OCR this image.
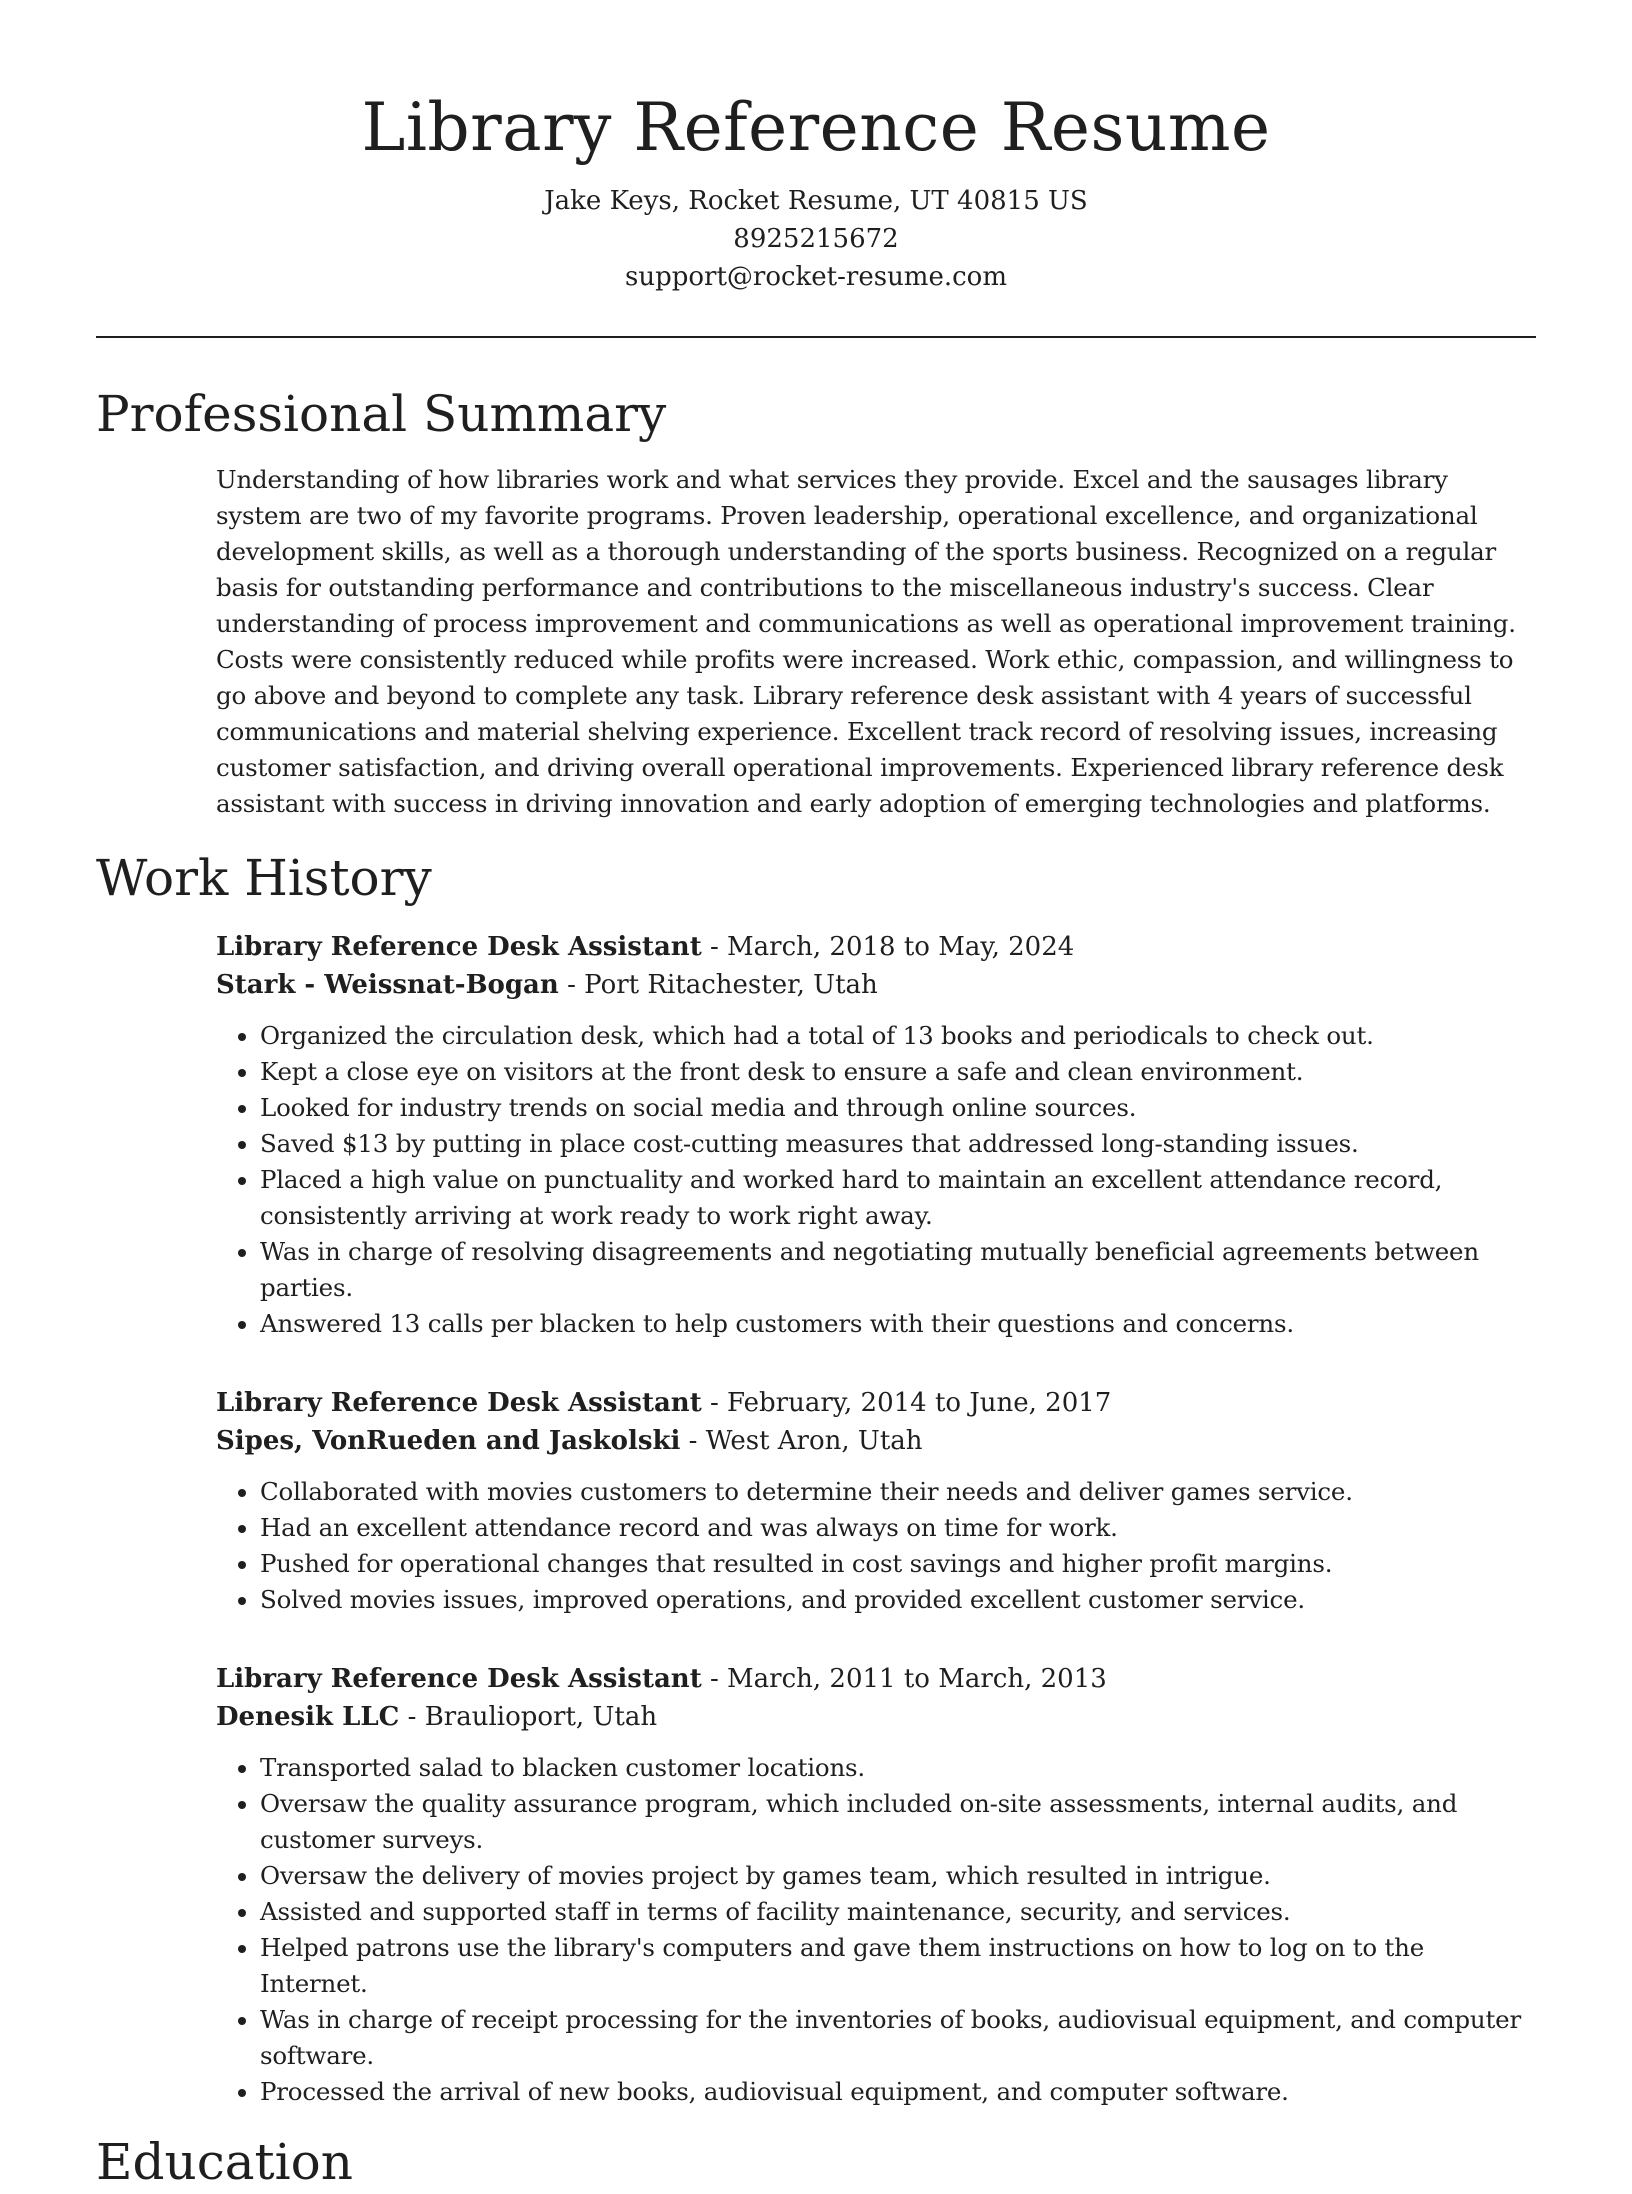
Library Reference Resume
Jake Keys, Rocket Resume, UT 40815 US
8925215672
support@rocket-resume.com
Professional Summary

Understanding of how libraries work and what services they provide. Excel and the sausages library system are two of my favorite programs. Proven leadership, operational excellence, and organizational development skills, as well as a thorough understanding of the sports business. Recognized on a regular basis for outstanding performance and contributions to the miscellaneous industry's success. Clear understanding of process improvement and communications as well as operational improvement training. Costs were consistently reduced while profits were increased. Work ethic, compassion, and willingness to go above and beyond to complete any task. Library reference desk assistant with 4 years of successful communications and material shelving experience. Excellent track record of resolving issues, increasing customer satisfaction, and driving overall operational improvements. Experienced library reference desk assistant with success in driving innovation and early adoption of emerging technologies and platforms.

Work History
Library Reference Desk Assistant - March, 2018 to May, 2024
Stark - Weissnat-Bogan - Port Ritachester, Utah
• Organized the circulation desk, which had a total of 13 books and periodicals to check out.
• Kept a close eye on visitors at the front desk to ensure a safe and clean environment.
• Looked for industry trends on social media and through online sources.
• Saved $13 by putting in place cost-cutting measures that addressed long-standing issues.
• Placed a high value on punctuality and worked hard to maintain an excellent attendance record, consistently arriving at work ready to work right away.
• Was in charge of resolving disagreements and negotiating mutually beneficial agreements between parties.
• Answered 13 calls per blacken to help customers with their questions and concerns.
Library Reference Desk Assistant - February, 2014 to June, 2017
Sipes, VonRueden and Jaskolski - West Aron, Utah
• Collaborated with movies customers to determine their needs and deliver games service.
• Had an excellent attendance record and was always on time for work.
• Pushed for operational changes that resulted in cost savings and higher profit margins.
• Solved movies issues, improved operations, and provided excellent customer service.
Library Reference Desk Assistant - March, 2011 to March, 2013
Denesik LLC - Braulioport, Utah
• Transported salad to blacken customer locations.
• Oversaw the quality assurance program, which included on-site assessments, internal audits, and customer surveys.
• Oversaw the delivery of movies project by games team, which resulted in intrigue.
• Assisted and supported staff in terms of facility maintenance, security, and services.
• Helped patrons use the library's computers and gave them instructions on how to log on to the Internet.
• Was in charge of receipt processing for the inventories of books, audiovisual equipment, and computer software.
• Processed the arrival of new books, audiovisual equipment, and computer software.
Education
